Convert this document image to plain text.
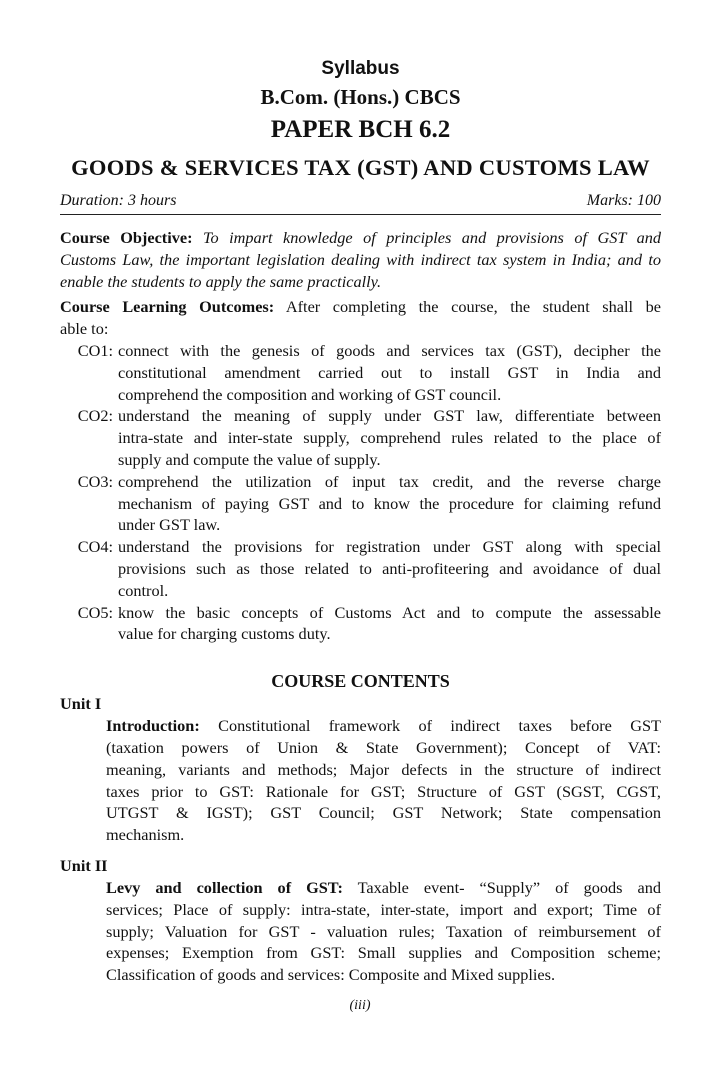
Syllabus
B.Com. (Hons.) CBCS
PAPER BCH 6.2
GOODS & SERVICES TAX (GST) AND CUSTOMS LAW
Duration: 3 hours	Marks: 100
Course Objective: To impart knowledge of principles and provisions of GST and
Customs Law, the important legislation dealing with indirect tax system in India; and to
enable the students to apply the same practically.
Course Learning Outcomes: After completing the course, the student shall be
able to:
CO1: connect with the genesis of goods and services tax (GST), decipher the
constitutional amendment carried out to install GST in India and
comprehend the composition and working of GST council.
CO2: understand the meaning of supply under GST law, differentiate between
intra-state and inter-state supply, comprehend rules related to the place of
supply and compute the value of supply.
CO3: comprehend the utilization of input tax credit, and the reverse charge
mechanism of paying GST and to know the procedure for claiming refund
under GST law.
CO4: understand the provisions for registration under GST along with special
provisions such as those related to anti-profiteering and avoidance of dual
control.
CO5: know the basic concepts of Customs Act and to compute the assessable
value for charging customs duty.
COURSE CONTENTS
Unit I
Introduction: Constitutional framework of indirect taxes before GST
(taxation powers of Union & State Government); Concept of VAT:
meaning, variants and methods; Major defects in the structure of indirect
taxes prior to GST: Rationale for GST; Structure of GST (SGST, CGST,
UTGST & IGST); GST Council; GST Network; State compensation
mechanism.
Unit II
Levy and collection of GST: Taxable event- “Supply” of goods and
services; Place of supply: intra-state, inter-state, import and export; Time of
supply; Valuation for GST - valuation rules; Taxation of reimbursement of
expenses; Exemption from GST: Small supplies and Composition scheme;
Classification of goods and services: Composite and Mixed supplies.
(iii)
